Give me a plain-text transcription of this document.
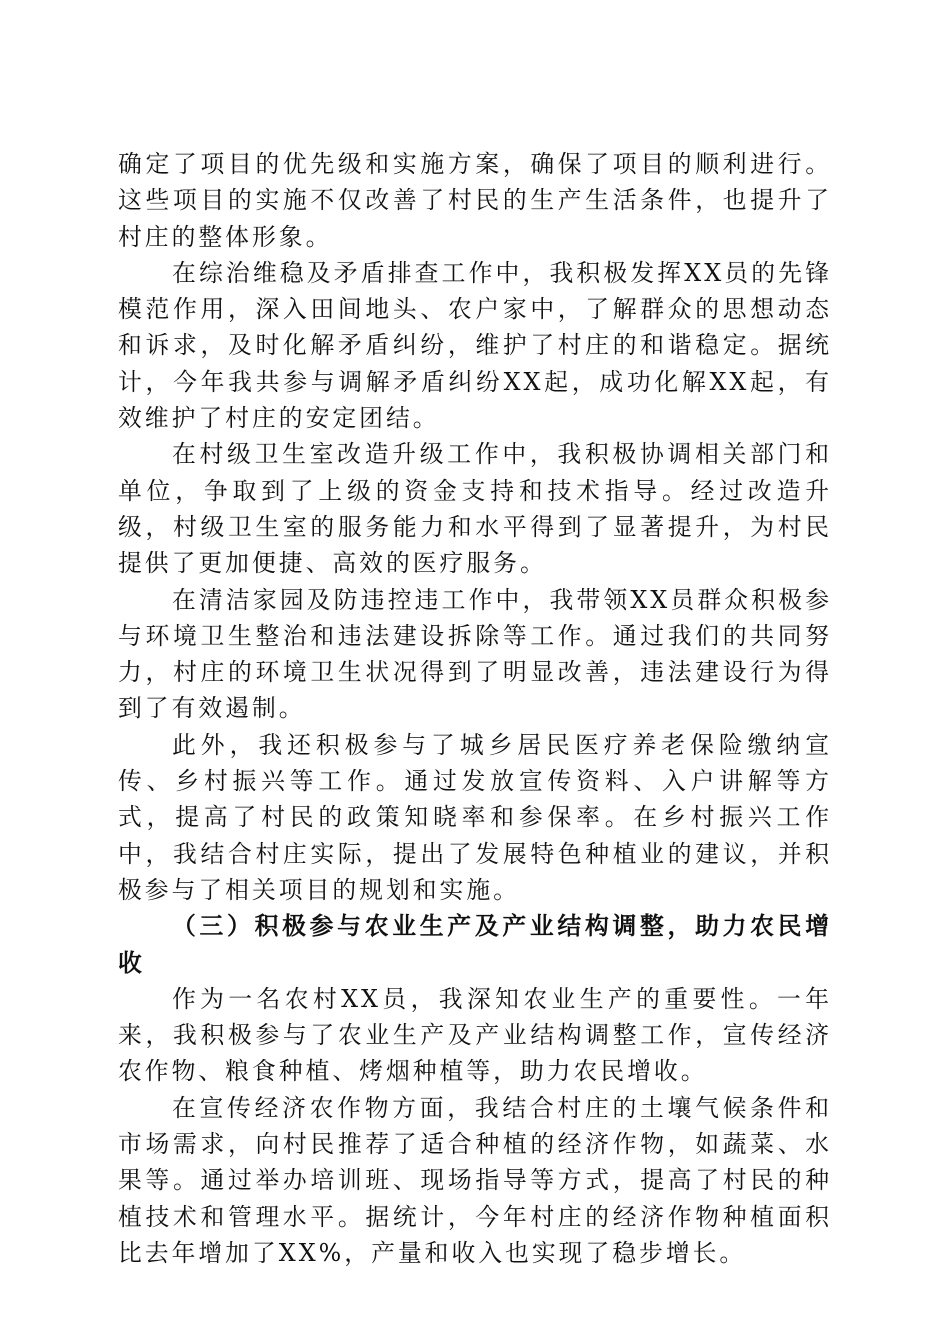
确定了项目的优先级和实施方案，确保了项目的顺利进行。这些项目的实施不仅改善了村民的生产生活条件，也提升了村庄的整体形象。

在综治维稳及矛盾排查工作中，我积极发挥XX员的先锋模范作用，深入田间地头、农户家中，了解群众的思想动态和诉求，及时化解矛盾纠纷，维护了村庄的和谐稳定。据统计，今年我共参与调解矛盾纠纷XX起，成功化解XX起，有效维护了村庄的安定团结。

在村级卫生室改造升级工作中，我积极协调相关部门和单位，争取到了上级的资金支持和技术指导。经过改造升级，村级卫生室的服务能力和水平得到了显著提升，为村民提供了更加便捷、高效的医疗服务。

在清洁家园及防违控违工作中，我带领XX员群众积极参与环境卫生整治和违法建设拆除等工作。通过我们的共同努力，村庄的环境卫生状况得到了明显改善，违法建设行为得到了有效遏制。

此外，我还积极参与了城乡居民医疗养老保险缴纳宣传、乡村振兴等工作。通过发放宣传资料、入户讲解等方式，提高了村民的政策知晓率和参保率。在乡村振兴工作中，我结合村庄实际，提出了发展特色种植业的建议，并积极参与了相关项目的规划和实施。

（三）积极参与农业生产及产业结构调整，助力农民增收

作为一名农村XX员，我深知农业生产的重要性。一年来，我积极参与了农业生产及产业结构调整工作，宣传经济农作物、粮食种植、烤烟种植等，助力农民增收。

在宣传经济农作物方面，我结合村庄的土壤气候条件和市场需求，向村民推荐了适合种植的经济作物，如蔬菜、水果等。通过举办培训班、现场指导等方式，提高了村民的种植技术和管理水平。据统计，今年村庄的经济作物种植面积比去年增加了XX%，产量和收入也实现了稳步增长。
